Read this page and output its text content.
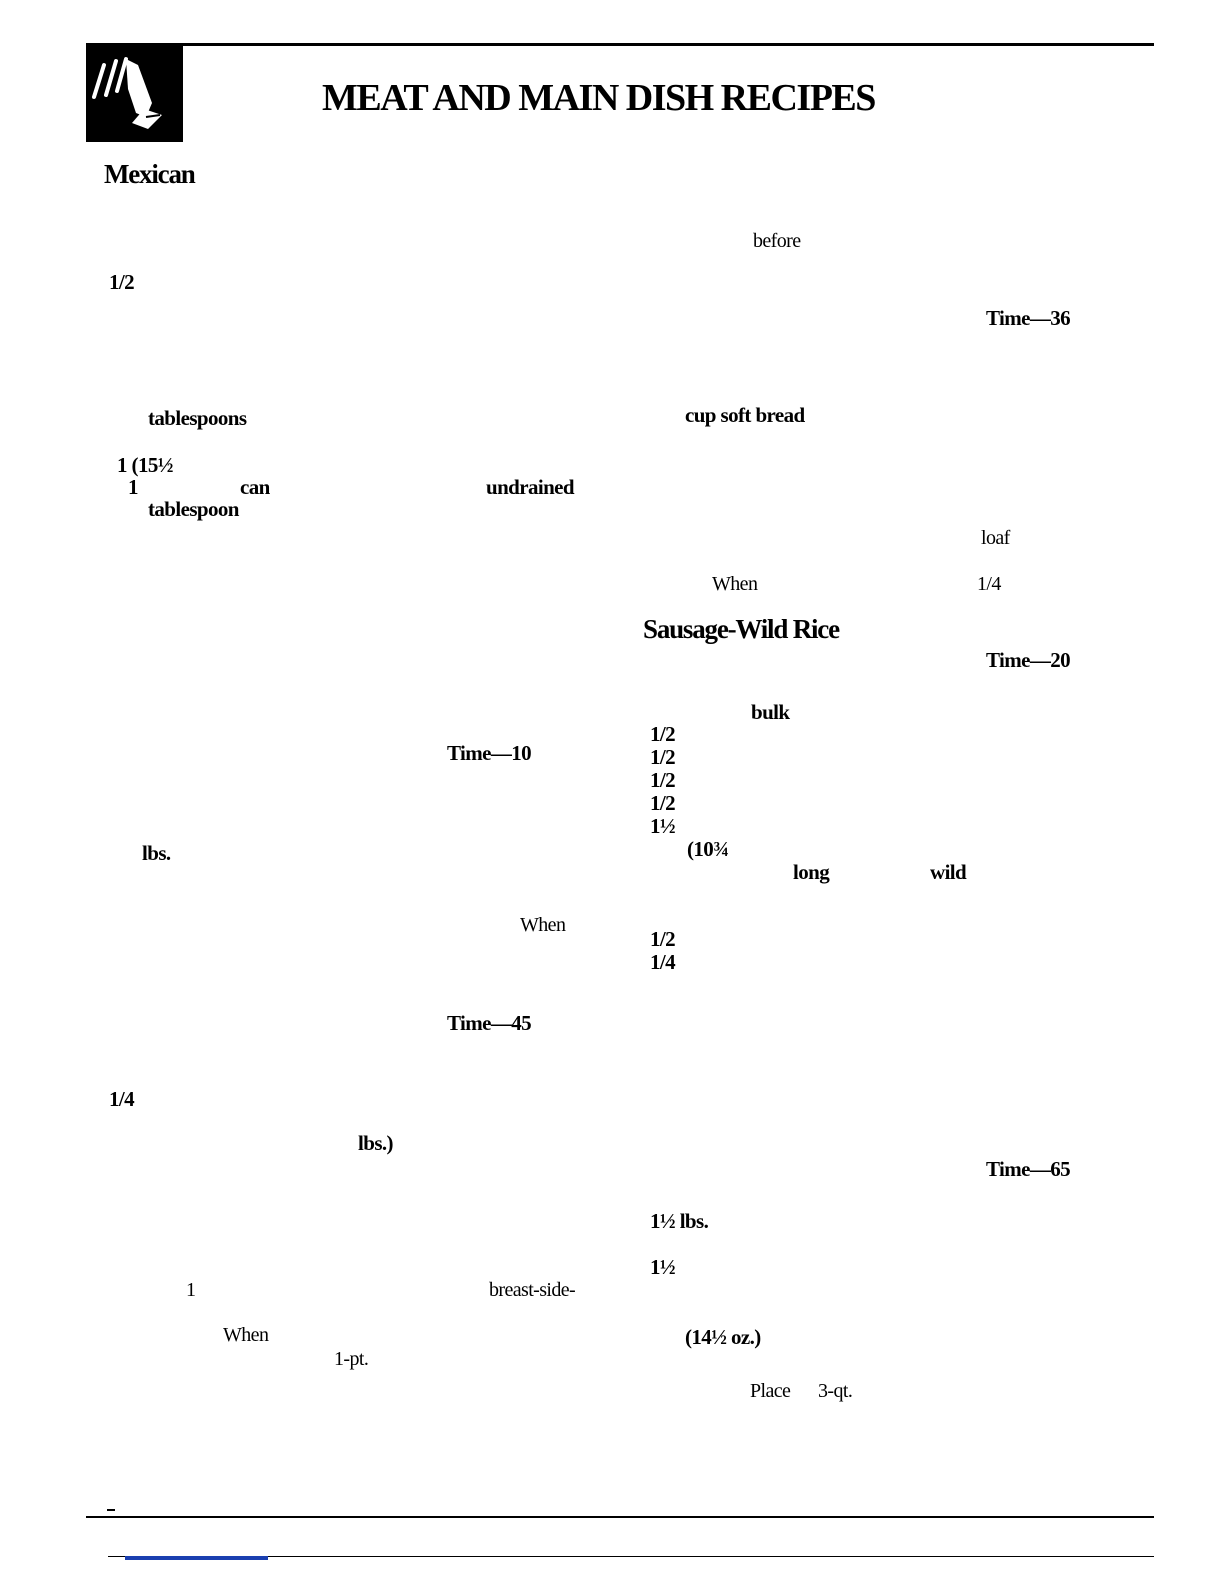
MEAT AND MAIN DISH RECIPES
Mexican
1/2
tablespoons
1 (15½
1	can	undrained
tablespoon
Time—10
lbs.
When
Time—45
1/4
lbs.)
1	breast-side-
When
1-pt.
before
Time—36
cup soft bread
loaf
When	1/4
Sausage-Wild Rice
Time—20
bulk
1/2
1/2
1/2
1/2
1½
(10¾
long	wild
1/2
1/4
Time—65
1½ lbs.
1½
(14½ oz.)
Place 3-qt.
